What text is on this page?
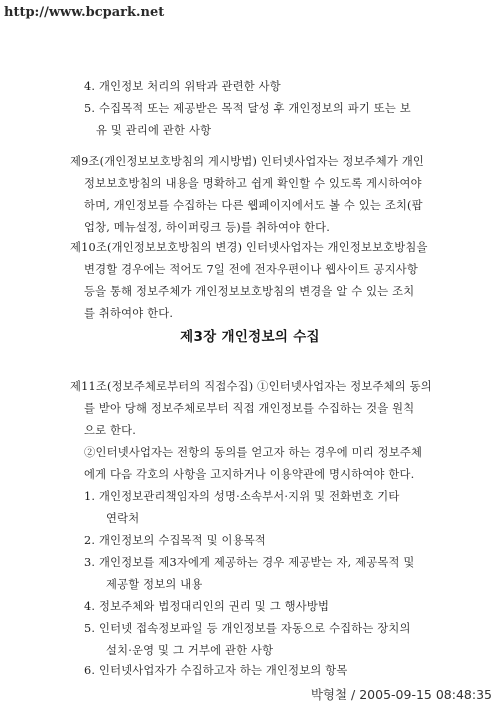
http://www.bcpark.net
4. 개인정보 처리의 위탁과 관련한 사항
5. 수집목적 또는 제공받은 목적 달성 후 개인정보의 파기 또는 보
유 및 관리에 관한 사항
제9조(개인정보보호방침의 게시방법) 인터넷사업자는 정보주체가 개인
정보보호방침의 내용을 명확하고 쉽게 확인할 수 있도록 게시하여야
하며, 개인정보를 수집하는 다른 웹페이지에서도 볼 수 있는 조치(팝
업창, 메뉴설정, 하이퍼링크 등)를 취하여야 한다.
제10조(개인정보보호방침의 변경) 인터넷사업자는 개인정보보호방침을
변경할 경우에는 적어도 7일 전에 전자우편이나 웹사이트 공지사항
등을 통해 정보주체가 개인정보보호방침의 변경을 알 수 있는 조치
를 취하여야 한다.
제3장 개인정보의 수집
제11조(정보주체로부터의 직접수집) ①인터넷사업자는 정보주체의 동의
를 받아 당해 정보주체로부터 직접 개인정보를 수집하는 것을 원칙
으로 한다.
②인터넷사업자는 전항의 동의를 얻고자 하는 경우에 미리 정보주체
에게 다음 각호의 사항을 고지하거나 이용약관에 명시하여야 한다.
1. 개인정보관리책임자의 성명·소속부서·지위 및 전화번호 기타
연락처
2. 개인정보의 수집목적 및 이용목적
3. 개인정보를 제3자에게 제공하는 경우 제공받는 자, 제공목적 및
제공할 정보의 내용
4. 정보주체와 법정대리인의 권리 및 그 행사방법
5. 인터넷 접속정보파일 등 개인정보를 자동으로 수집하는 장치의
설치·운영 및 그 거부에 관한 사항
6. 인터넷사업자가 수집하고자 하는 개인정보의 항목
박형철 / 2005-09-15 08:48:35
